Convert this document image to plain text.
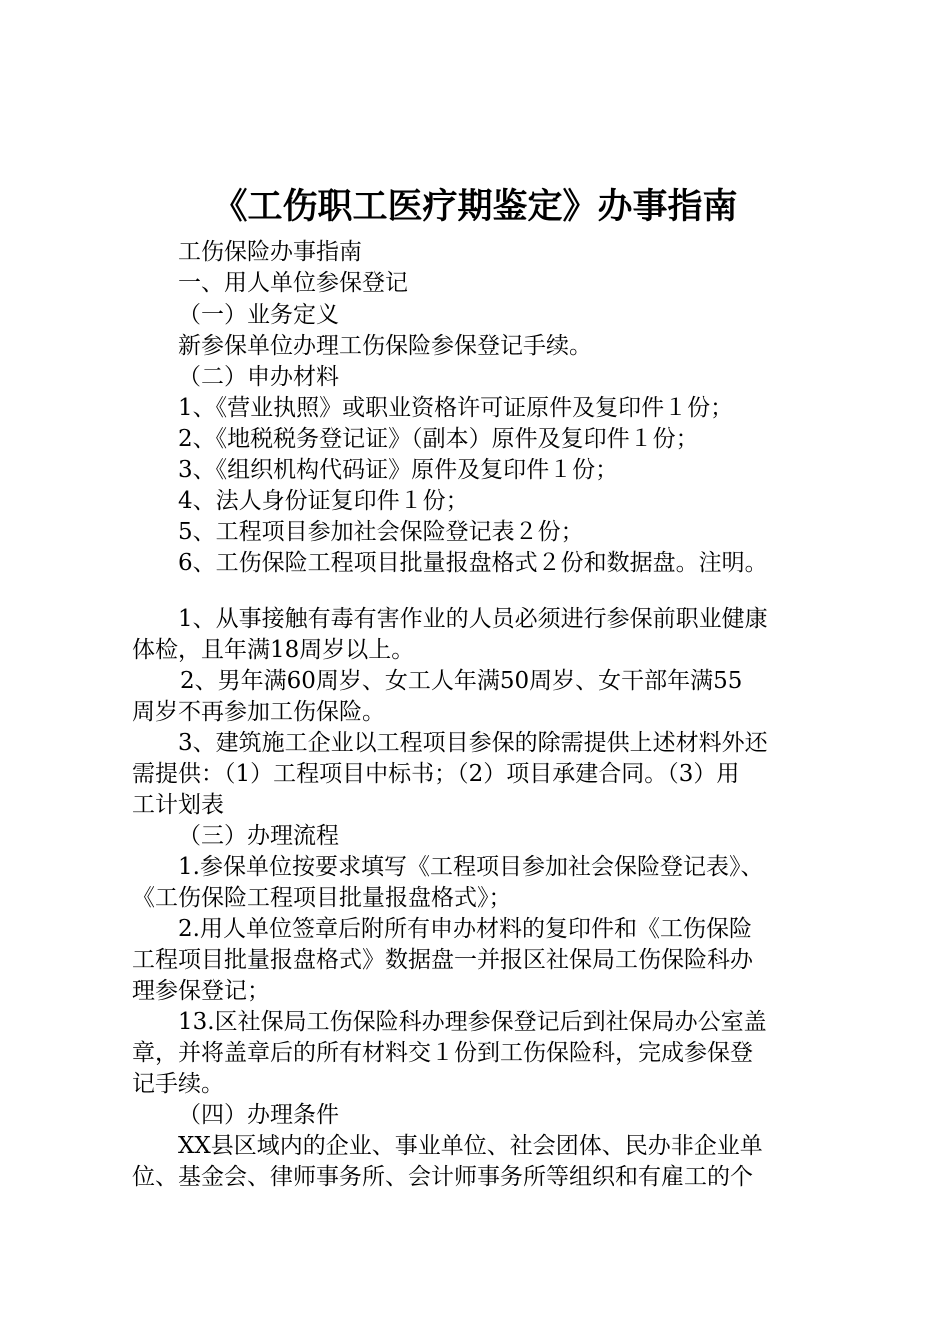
《工伤职工医疗期鉴定》办事指南
工伤保险办事指南
一、用人单位参保登记
（一）业务定义
新参保单位办理工伤保险参保登记手续。
（二）申办材料
1、《营业执照》或职业资格许可证原件及复印件１份；
2、《地税税务登记证》（副本）原件及复印件１份；
3、《组织机构代码证》原件及复印件１份；
4、法人身份证复印件１份；
5、工程项目参加社会保险登记表２份；
6、工伤保险工程项目批量报盘格式２份和数据盘。注明。
1、从事接触有毒有害作业的人员必须进行参保前职业健康
体检，且年满18周岁以上。
2、男年满60周岁、女工人年满50周岁、女干部年满55
周岁不再参加工伤保险。
3、建筑施工企业以工程项目参保的除需提供上述材料外还
需提供：（1）工程项目中标书；（2）项目承建合同。（3）用
工计划表
（三）办理流程
1.参保单位按要求填写《工程项目参加社会保险登记表》、
《工伤保险工程项目批量报盘格式》；
2.用人单位签章后附所有申办材料的复印件和《工伤保险
工程项目批量报盘格式》数据盘一并报区社保局工伤保险科办
理参保登记；
13.区社保局工伤保险科办理参保登记后到社保局办公室盖
章，并将盖章后的所有材料交１份到工伤保险科，完成参保登
记手续。
（四）办理条件
XX县区域内的企业、事业单位、社会团体、民办非企业单
位、基金会、律师事务所、会计师事务所等组织和有雇工的个
